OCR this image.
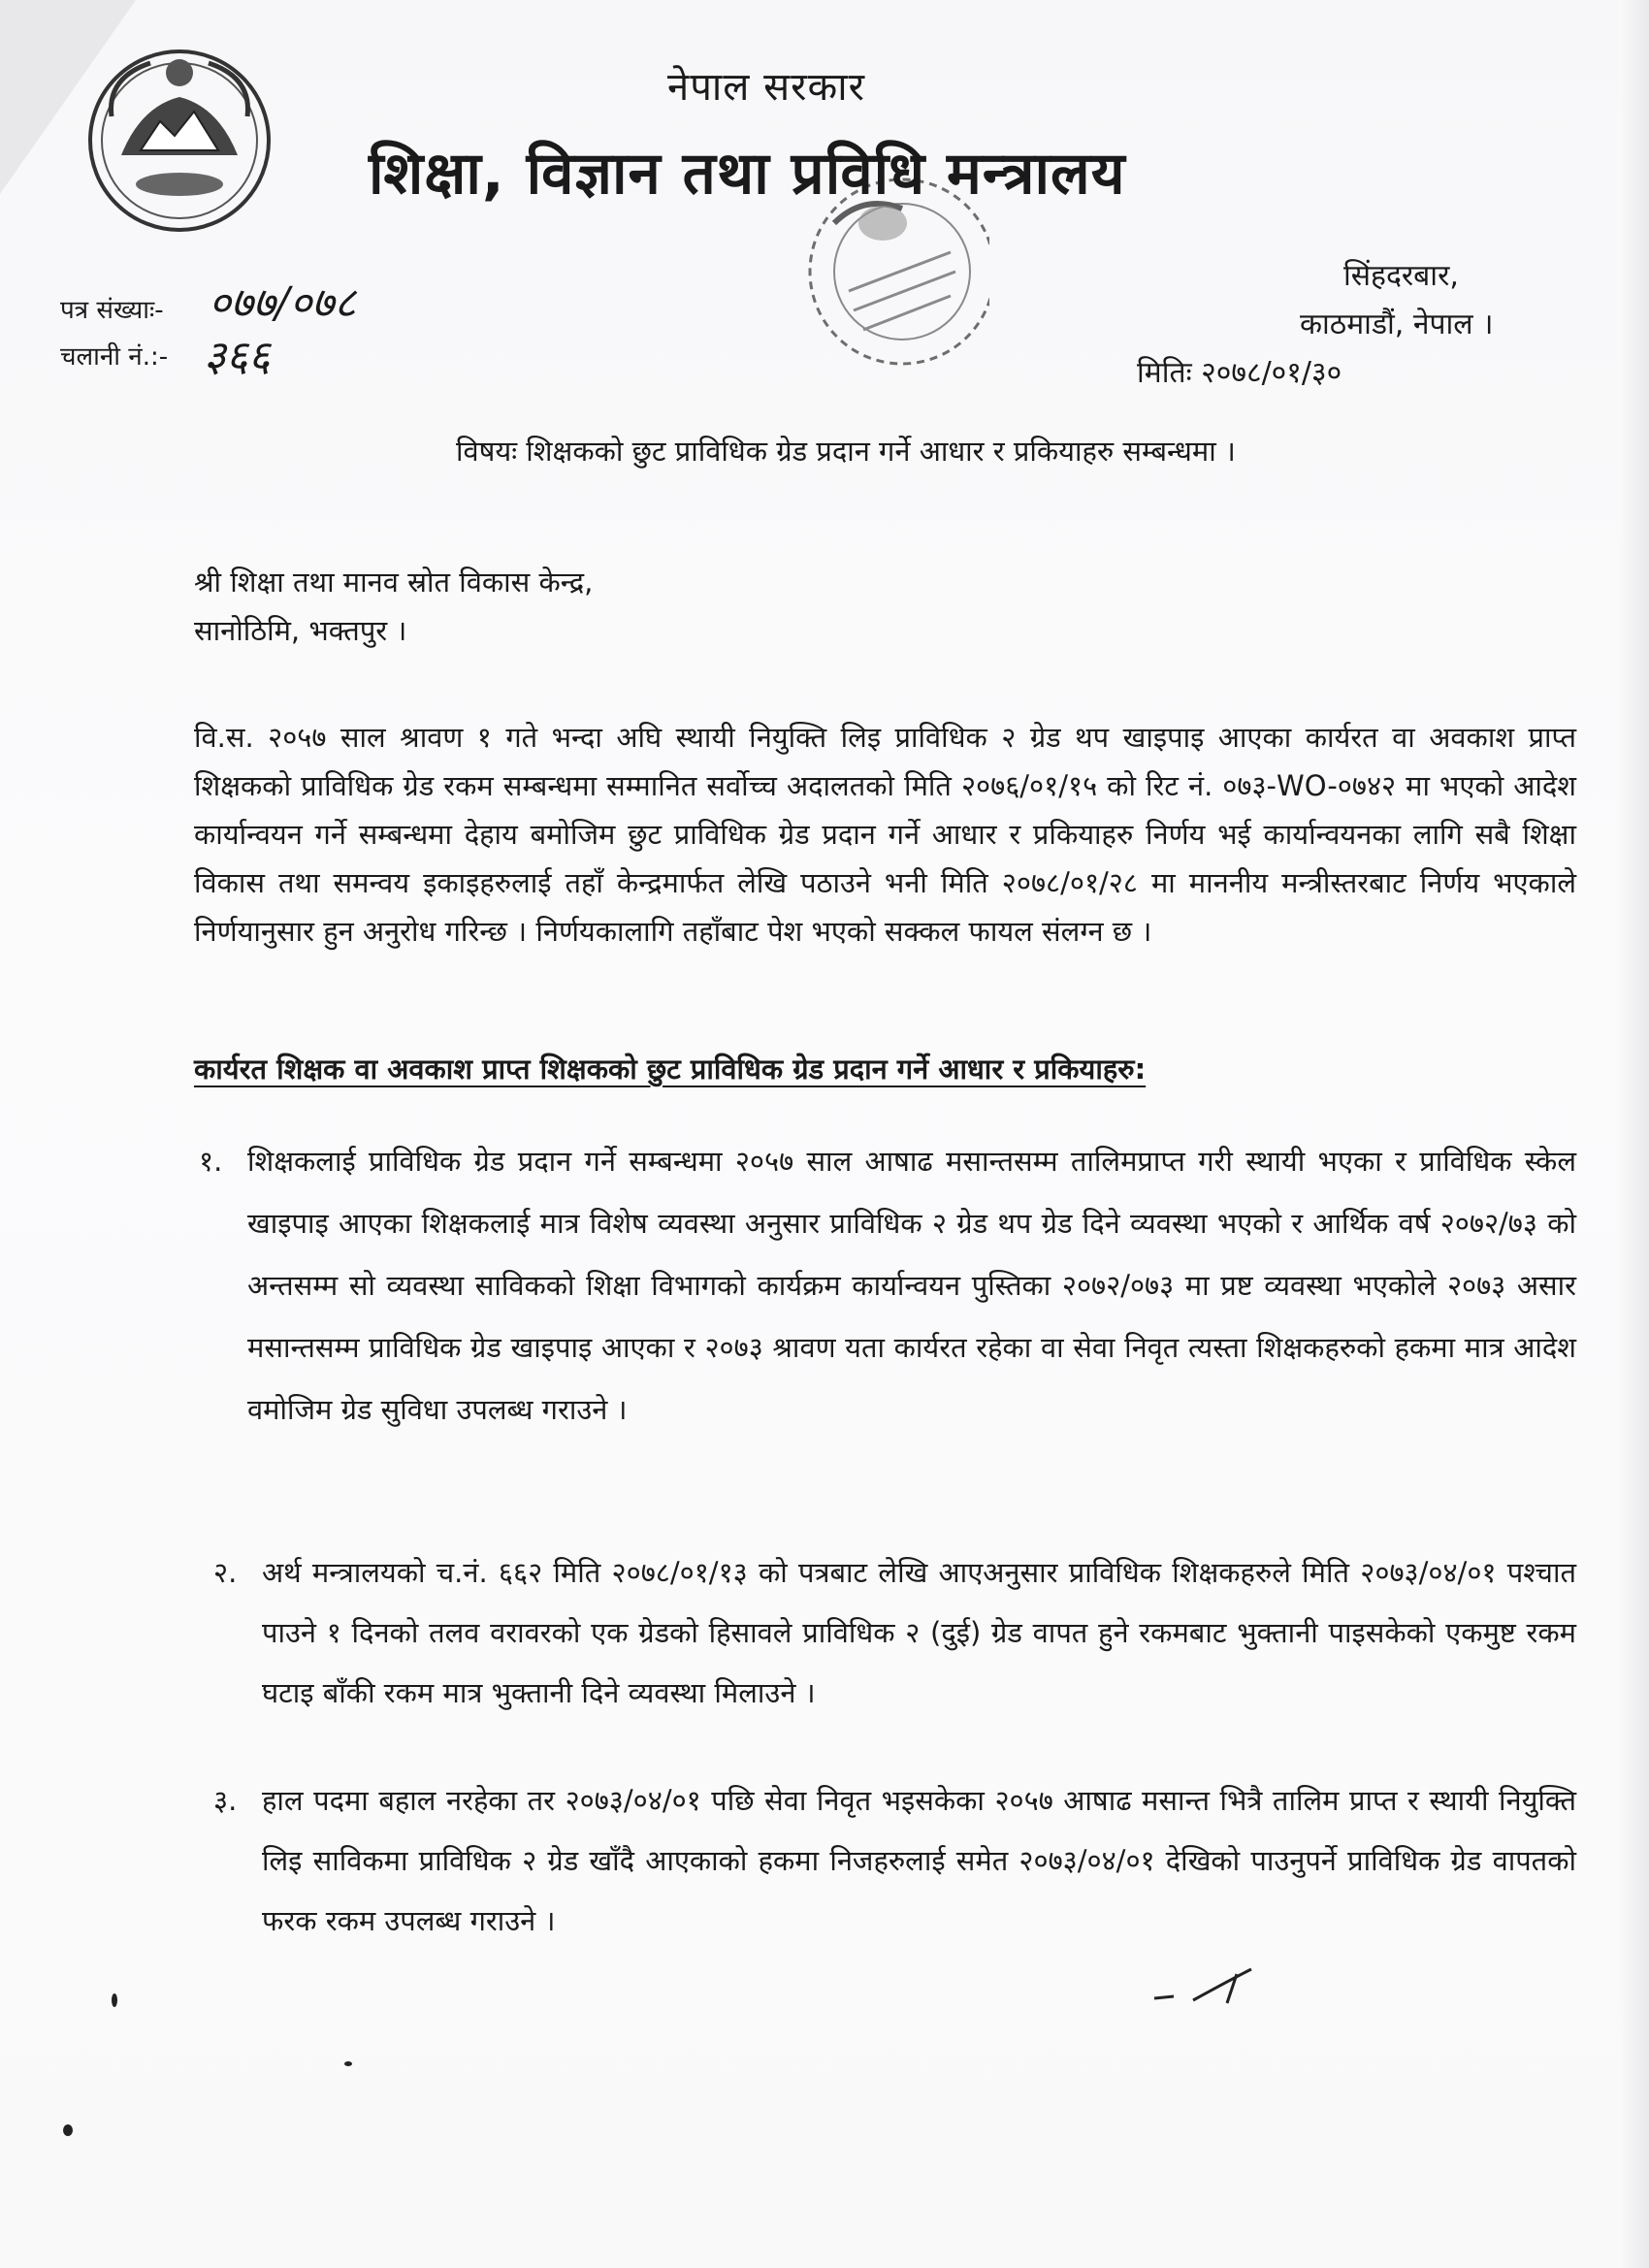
नेपाल सरकार
शिक्षा, विज्ञान तथा प्रविधि मन्त्रालय
सिंहदरबार,
काठमाडौं, नेपाल ।
मितिः २०७८/०१/३०
पत्र संख्याः- ०७७/०७८
चलानी नं.:- ३६६
विषयः शिक्षकको छुट प्राविधिक ग्रेड प्रदान गर्ने आधार र प्रकियाहरु सम्बन्धमा ।
श्री शिक्षा तथा मानव स्रोत विकास केन्द्र,
सानोठिमि, भक्तपुर ।
वि.स. २०५७ साल श्रावण १ गते भन्दा अघि स्थायी नियुक्ति लिइ प्राविधिक २ ग्रेड थप खाइपाइ आएका कार्यरत वा अवकाश प्राप्त शिक्षकको प्राविधिक ग्रेड रकम सम्बन्धमा सम्मानित सर्वोच्च अदालतको मिति २०७६/०१/१५ को रिट नं. ०७३-WO-०७४२ मा भएको आदेश कार्यान्वयन गर्ने सम्बन्धमा देहाय बमोजिम छुट प्राविधिक ग्रेड प्रदान गर्ने आधार र प्रकियाहरु निर्णय भई कार्यान्वयनका लागि सबै शिक्षा विकास तथा समन्वय इकाइहरुलाई तहाँ केन्द्रमार्फत लेखि पठाउने भनी मिति २०७८/०१/२८ मा माननीय मन्त्रीस्तरबाट निर्णय भएकाले निर्णयानुसार हुन अनुरोध गरिन्छ । निर्णयकालागि तहाँबाट पेश भएको सक्कल फायल संलग्न छ ।
कार्यरत शिक्षक वा अवकाश प्राप्त शिक्षकको छुट प्राविधिक ग्रेड प्रदान गर्ने आधार र प्रकियाहरु:
१. शिक्षकलाई प्राविधिक ग्रेड प्रदान गर्ने सम्बन्धमा २०५७ साल आषाढ मसान्तसम्म तालिमप्राप्त गरी स्थायी भएका र प्राविधिक स्केल खाइपाइ आएका शिक्षकलाई मात्र विशेष व्यवस्था अनुसार प्राविधिक २ ग्रेड थप ग्रेड दिने व्यवस्था भएको र आर्थिक वर्ष २०७२/७३ को अन्तसम्म सो व्यवस्था साविकको शिक्षा विभागको कार्यक्रम कार्यान्वयन पुस्तिका २०७२/०७३ मा प्रष्ट व्यवस्था भएकोले २०७३ असार मसान्तसम्म प्राविधिक ग्रेड खाइपाइ आएका र २०७३ श्रावण यता कार्यरत रहेका वा सेवा निवृत त्यस्ता शिक्षकहरुको हकमा मात्र आदेश वमोजिम ग्रेड सुविधा उपलब्ध गराउने ।
२. अर्थ मन्त्रालयको च.नं. ६६२ मिति २०७८/०१/१३ को पत्रबाट लेखि आएअनुसार प्राविधिक शिक्षकहरुले मिति २०७३/०४/०१ पश्चात पाउने १ दिनको तलव वरावरको एक ग्रेडको हिसावले प्राविधिक २ (दुई) ग्रेड वापत हुने रकमबाट भुक्तानी पाइसकेको एकमुष्ट रकम घटाइ बाँकी रकम मात्र भुक्तानी दिने व्यवस्था मिलाउने ।
३. हाल पदमा बहाल नरहेका तर २०७३/०४/०१ पछि सेवा निवृत भइसकेका २०५७ आषाढ मसान्त भित्रै तालिम प्राप्त र स्थायी नियुक्ति लिइ साविकमा प्राविधिक २ ग्रेड खाँदै आएकाको हकमा निजहरुलाई समेत २०७३/०४/०१ देखिको पाउनुपर्ने प्राविधिक ग्रेड वापतको फरक रकम उपलब्ध गराउने ।
